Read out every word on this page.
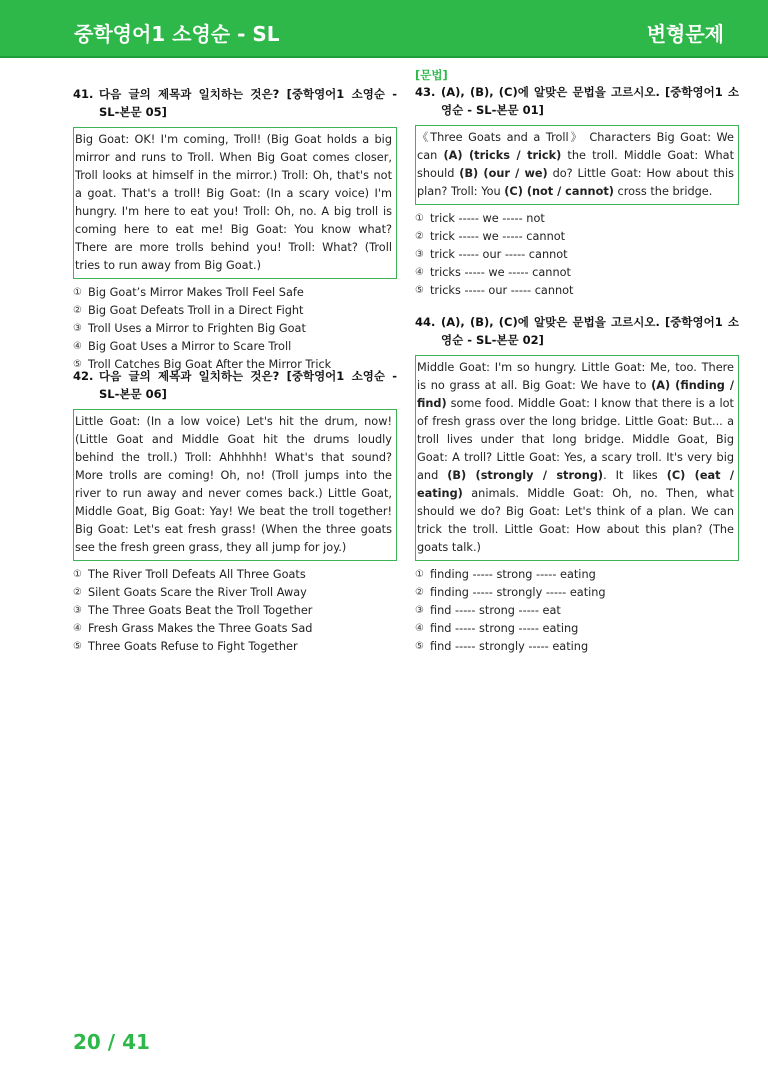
중학영어1 소영순 - SL	변형문제
41. 다음 글의 제목과 일치하는 것은? [중학영어1 소영순 - SL-본문 05]
Big Goat: OK! I'm coming, Troll! (Big Goat holds a big mirror and runs to Troll. When Big Goat comes closer, Troll looks at himself in the mirror.) Troll: Oh, that's not a goat. That's a troll! Big Goat: (In a scary voice) I'm hungry. I'm here to eat you! Troll: Oh, no. A big troll is coming here to eat me! Big Goat: You know what? There are more trolls behind you! Troll: What? (Troll tries to run away from Big Goat.)
① Big Goat’s Mirror Makes Troll Feel Safe
② Big Goat Defeats Troll in a Direct Fight
③ Troll Uses a Mirror to Frighten Big Goat
④ Big Goat Uses a Mirror to Scare Troll
⑤ Troll Catches Big Goat After the Mirror Trick
42. 다음 글의 제목과 일치하는 것은? [중학영어1 소영순 - SL-본문 06]
Little Goat: (In a low voice) Let's hit the drum, now! (Little Goat and Middle Goat hit the drums loudly behind the troll.) Troll: Ahhhhh! What's that sound? More trolls are coming! Oh, no! (Troll jumps into the river to run away and never comes back.) Little Goat, Middle Goat, Big Goat: Yay! We beat the troll together! Big Goat: Let's eat fresh grass! (When the three goats see the fresh green grass, they all jump for joy.)
① The River Troll Defeats All Three Goats
② Silent Goats Scare the River Troll Away
③ The Three Goats Beat the Troll Together
④ Fresh Grass Makes the Three Goats Sad
⑤ Three Goats Refuse to Fight Together
[문법]
43. (A), (B), (C)에 알맞은 문법을 고르시오. [중학영어1 소영순 - SL-본문 01]
《Three Goats and a Troll》 Characters Big Goat: We can (A) (tricks / trick) the troll. Middle Goat: What should (B) (our / we) do? Little Goat: How about this plan? Troll: You (C) (not / cannot) cross the bridge.
① trick ----- we ----- not
② trick ----- we ----- cannot
③ trick ----- our ----- cannot
④ tricks ----- we ----- cannot
⑤ tricks ----- our ----- cannot
44. (A), (B), (C)에 알맞은 문법을 고르시오. [중학영어1 소영순 - SL-본문 02]
Middle Goat: I'm so hungry. Little Goat: Me, too. There is no grass at all. Big Goat: We have to (A) (finding / find) some food. Middle Goat: I know that there is a lot of fresh grass over the long bridge. Little Goat: But... a troll lives under that long bridge. Middle Goat, Big Goat: A troll? Little Goat: Yes, a scary troll. It's very big and (B) (strongly / strong). It likes (C) (eat / eating) animals. Middle Goat: Oh, no. Then, what should we do? Big Goat: Let's think of a plan. We can trick the troll. Little Goat: How about this plan? (The goats talk.)
① finding ----- strong ----- eating
② finding ----- strongly ----- eating
③ find ----- strong ----- eat
④ find ----- strong ----- eating
⑤ find ----- strongly ----- eating
20 / 41
